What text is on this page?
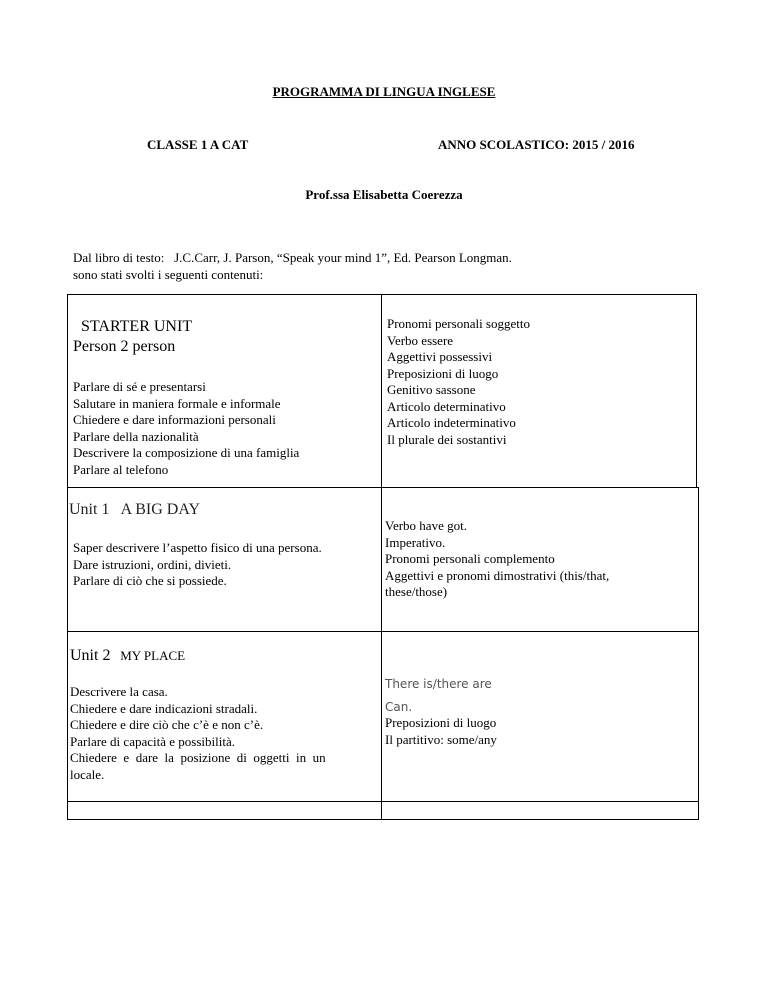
PROGRAMMA DI LINGUA INGLESE
CLASSE 1 A CAT	ANNO SCOLASTICO: 2015 / 2016
Prof.ssa Elisabetta Coerezza
Dal libro di testo:   J.C.Carr, J. Parson, “Speak your mind 1”, Ed. Pearson Longman.
sono stati svolti i seguenti contenuti:
STARTER UNIT
Person 2 person
Parlare di sé e presentarsi
Salutare in maniera formale e informale
Chiedere e dare informazioni personali
Parlare della nazionalità
Descrivere la composizione di una famiglia
Parlare al telefono
Pronomi personali soggetto
Verbo essere
Aggettivi possessivi
Preposizioni di luogo
Genitivo sassone
Articolo determinativo
Articolo indeterminativo
Il plurale dei sostantivi
Unit 1 A BIG DAY
Saper descrivere l’aspetto fisico di una persona.
Dare istruzioni, ordini, divieti.
Parlare di ciò che si possiede.
Verbo have got.
Imperativo.
Pronomi personali complemento
Aggettivi e pronomi dimostrativi (this/that,
these/those)
Unit 2 MY PLACE
Descrivere la casa.
Chiedere e dare indicazioni stradali.
Chiedere e dire ciò che c’è e non c’è.
Parlare di capacità e possibilità.
Chiedere  e  dare  la  posizione  di  oggetti  in  un
locale.
There is/there are
Can.
Preposizioni di luogo
Il partitivo: some/any
